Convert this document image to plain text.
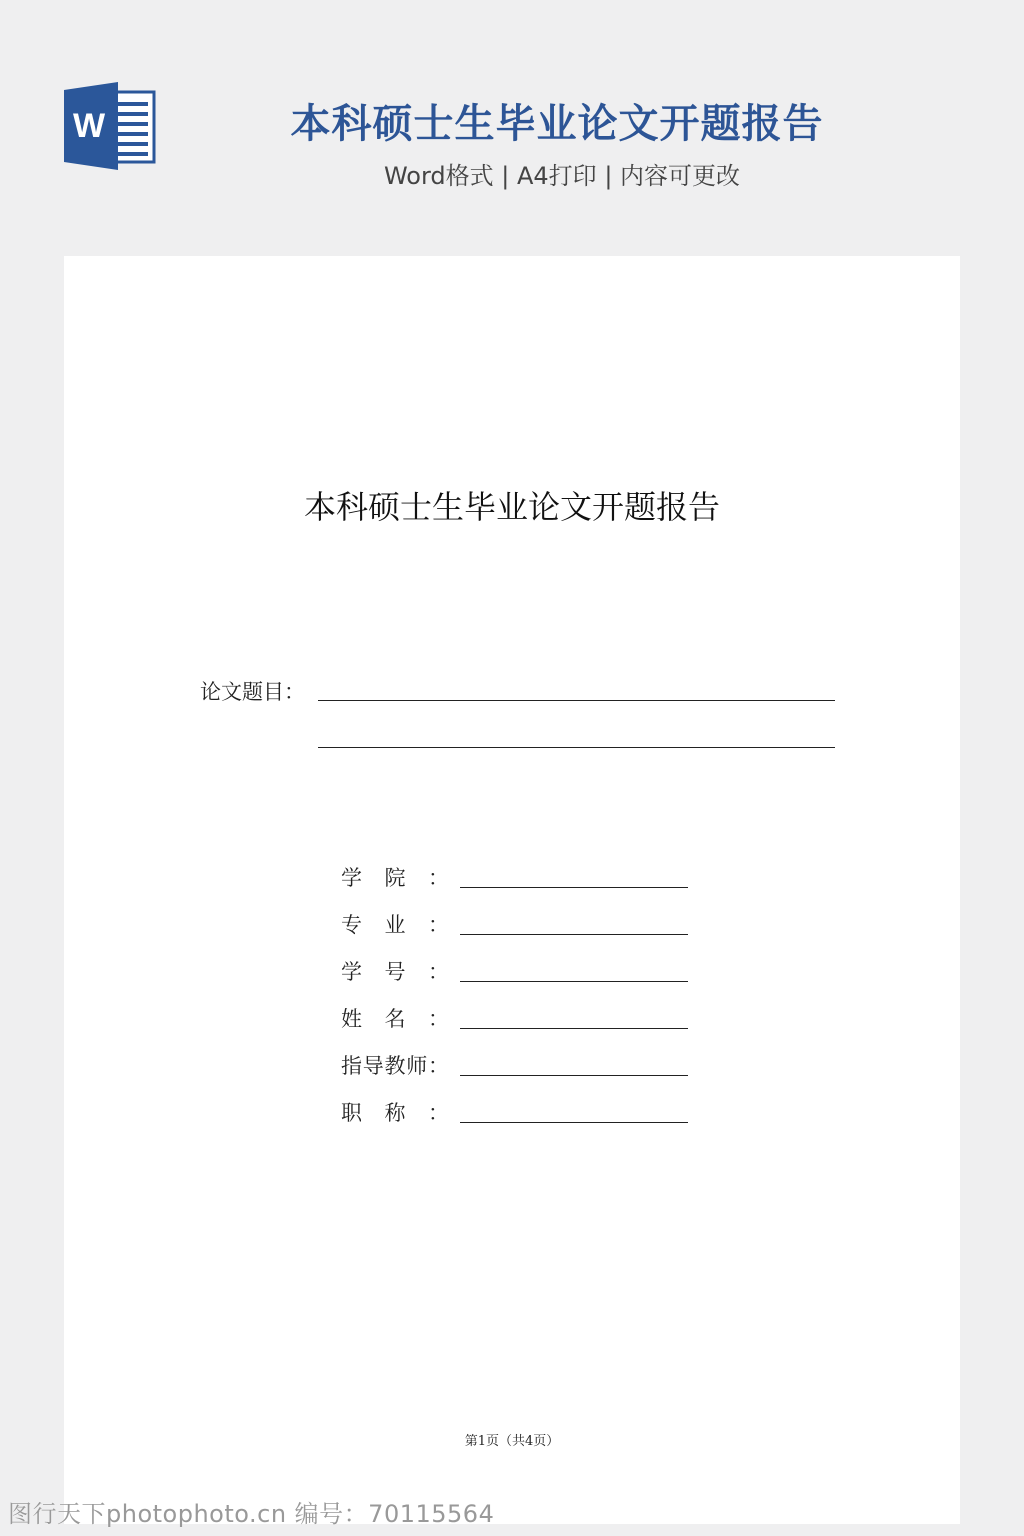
W	本科硕士生毕业论文开题报告
Word格式 | A4打印 | 内容可更改
本科硕士生毕业论文开题报告
论文题目：
学 院 ：
专 业 ：
学 号 ：
姓 名 ：
指 导 教 师 ：
职 称 ：
第1页（共4页）
图行天下photophoto.cn 编号：70115564
